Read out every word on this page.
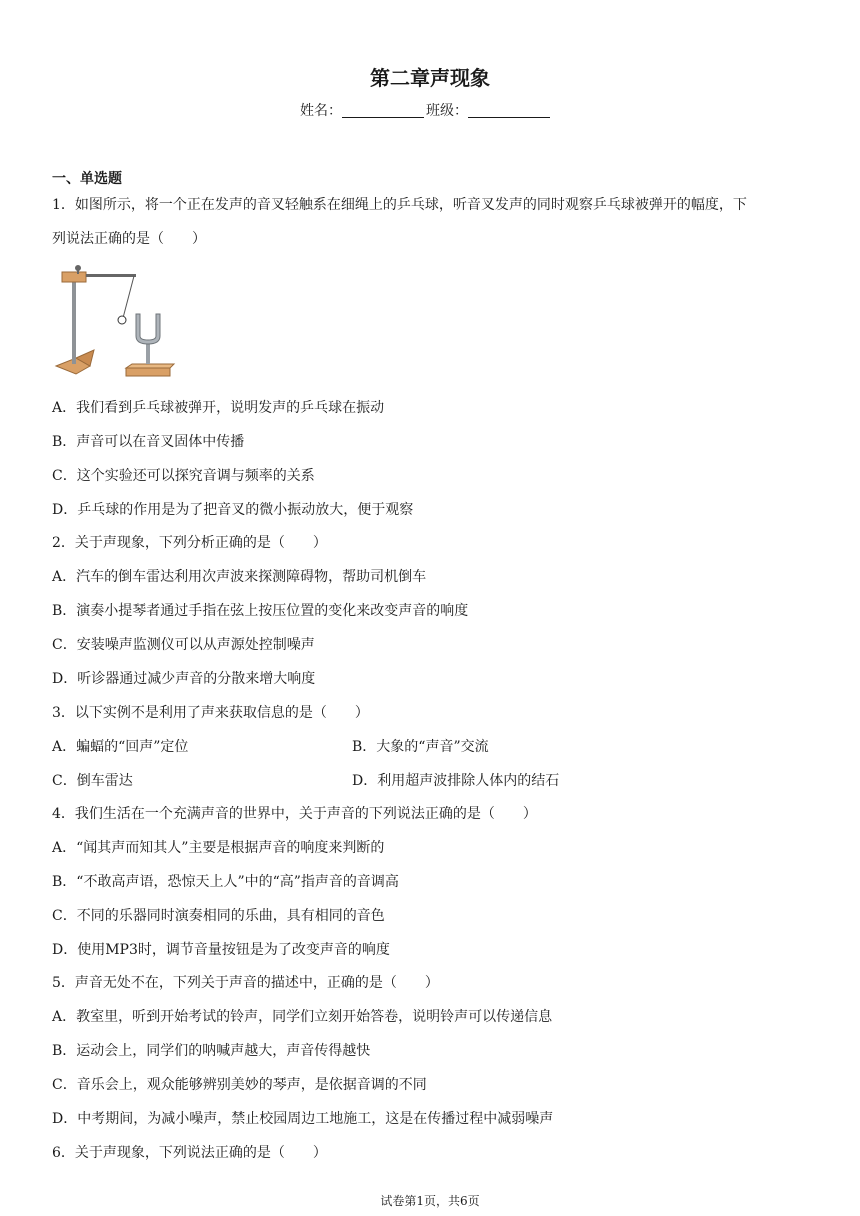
第二章声现象
姓名：	班级：
一、单选题
1．如图所示，将一个正在发声的音叉轻触系在细绳上的乒乓球，听音叉发声的同时观察乒乓球被弹开的幅度，下
列说法正确的是（　　）
A．我们看到乒乓球被弹开，说明发声的乒乓球在振动
B．声音可以在音叉固体中传播
C．这个实验还可以探究音调与频率的关系
D．乒乓球的作用是为了把音叉的微小振动放大，便于观察
2．关于声现象，下列分析正确的是（　　）
A．汽车的倒车雷达利用次声波来探测障碍物，帮助司机倒车
B．演奏小提琴者通过手指在弦上按压位置的变化来改变声音的响度
C．安装噪声监测仪可以从声源处控制噪声
D．听诊器通过减少声音的分散来增大响度
3．以下实例不是利用了声来获取信息的是（　　）
A．蝙蝠的“回声”定位	B．大象的“声音”交流
C．倒车雷达	D．利用超声波排除人体内的结石
4．我们生活在一个充满声音的世界中，关于声音的下列说法正确的是（　　）
A．“闻其声而知其人”主要是根据声音的响度来判断的
B．“不敢高声语，恐惊天上人”中的“高”指声音的音调高
C．不同的乐器同时演奏相同的乐曲，具有相同的音色
D．使用MP3时，调节音量按钮是为了改变声音的响度
5．声音无处不在，下列关于声音的描述中，正确的是（　　）
A．教室里，听到开始考试的铃声，同学们立刻开始答卷，说明铃声可以传递信息
B．运动会上，同学们的呐喊声越大，声音传得越快
C．音乐会上，观众能够辨别美妙的琴声，是依据音调的不同
D．中考期间，为减小噪声，禁止校园周边工地施工，这是在传播过程中减弱噪声
6．关于声现象，下列说法正确的是（　　）
试卷第1页，共6页
